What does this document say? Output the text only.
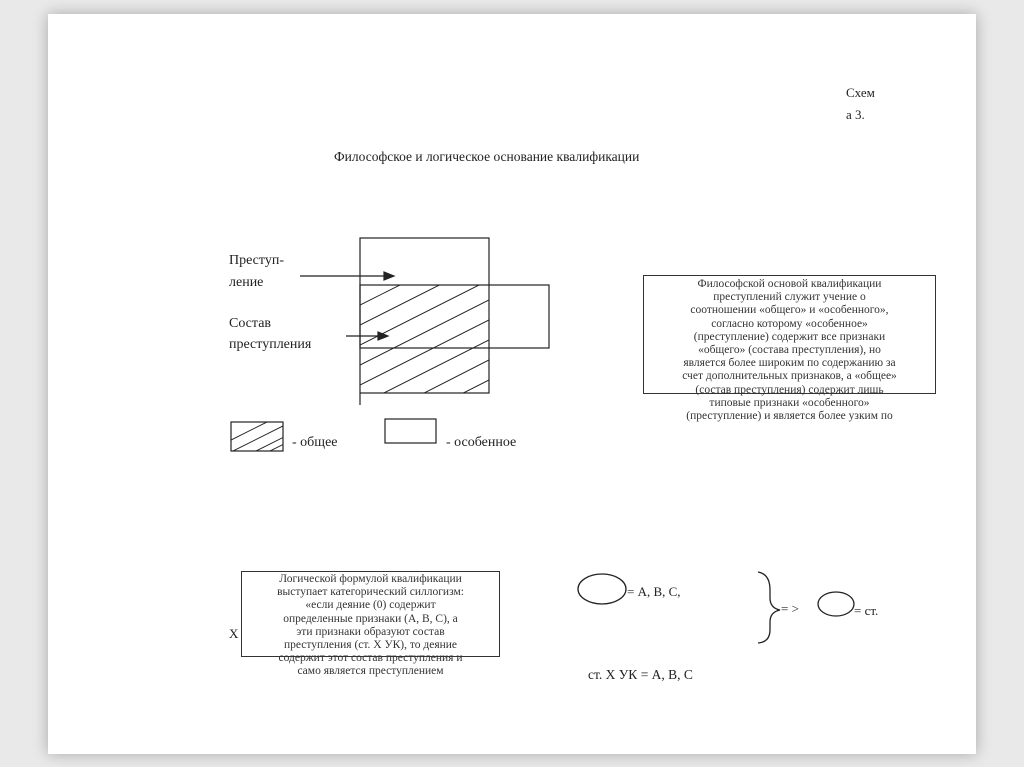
Схем
а 3.
Философское и логическое основание квалификации
Преступ-
ление
Состав
преступления
- общее	- особенное
Философской основой квалификации
преступлений служит учение о
соотношении «общего» и «особенного»,
согласно которому «особенное»
(преступление) содержит все признаки
«общего» (состава преступления), но
является более широким по содержанию за
счет дополнительных признаков, а «общее»
(состав преступления) содержит лишь
типовые признаки «особенного»
(преступление) и является более узким по
Х
Логической формулой квалификации
выступает категорический силлогизм:
«если деяние (0) содержит
определенные признаки (А, В, С), а
эти признаки образуют состав
преступления (ст. Х УК), то деяние
содержит этот состав преступления и
само является преступлением
= А, В, С,
= >	= ст.
ст. Х УК = А, В, С
